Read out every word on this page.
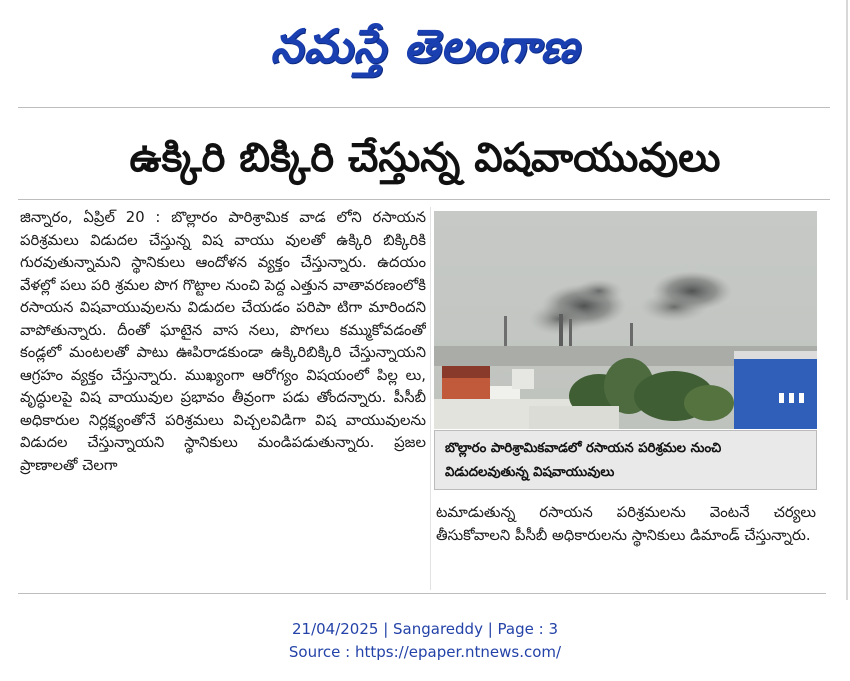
నమస్తే తెలంగాణ
ఉక్కిరి బిక్కిరి చేస్తున్న విషవాయువులు
జిన్నారం, ఏప్రిల్ 20 : బొల్లారం పారిశ్రామిక వాడ లోని రసాయన పరిశ్రమలు విడుదల చేస్తున్న విష వాయు వులతో ఉక్కిరి బిక్కిరికి గురవుతున్నామని స్థానికులు ఆందోళన వ్యక్తం చేస్తున్నారు. ఉదయం వేళల్లో పలు పరి శ్రమల పొగ గొట్టాల నుంచి పెద్ద ఎత్తున వాతావరణంలోకి రసాయన విషవాయువులను విడుదల చేయడం పరిపా టిగా మారిందని వాపోతున్నారు. దీంతో ఘాటైన వాస నలు, పొగలు కమ్ముకోవడంతో కండ్లలో మంటలతో పాటు ఊపిరాడకుండా ఉక్కిరిబిక్కిరి చేస్తున్నాయని ఆగ్రహం వ్యక్తం చేస్తున్నారు. ముఖ్యంగా ఆరోగ్యం విషయంలో పిల్ల లు, వృద్ధులపై విష వాయువుల ప్రభావం తీవ్రంగా పడు తోందన్నారు. పీసీబీ అధికారుల నిర్లక్ష్యంతోనే పరిశ్రమలు విచ్చలవిడిగా విష వాయువులను విడుదల చేస్తున్నాయని స్థానికులు మండిపడుతున్నారు. ప్రజల ప్రాణాలతో చెలగా
బొల్లారం పారిశ్రామికవాడలో రసాయన పరిశ్రమల నుంచి విడుదలవుతున్న విషవాయువులు
టమాడుతున్న రసాయన పరిశ్రమలను వెంటనే చర్యలు తీసుకోవాలని పీసీబీ అధికారులను స్థానికులు డిమాండ్ చేస్తున్నారు.
21/04/2025 | Sangareddy | Page : 3
Source : https://epaper.ntnews.com/
